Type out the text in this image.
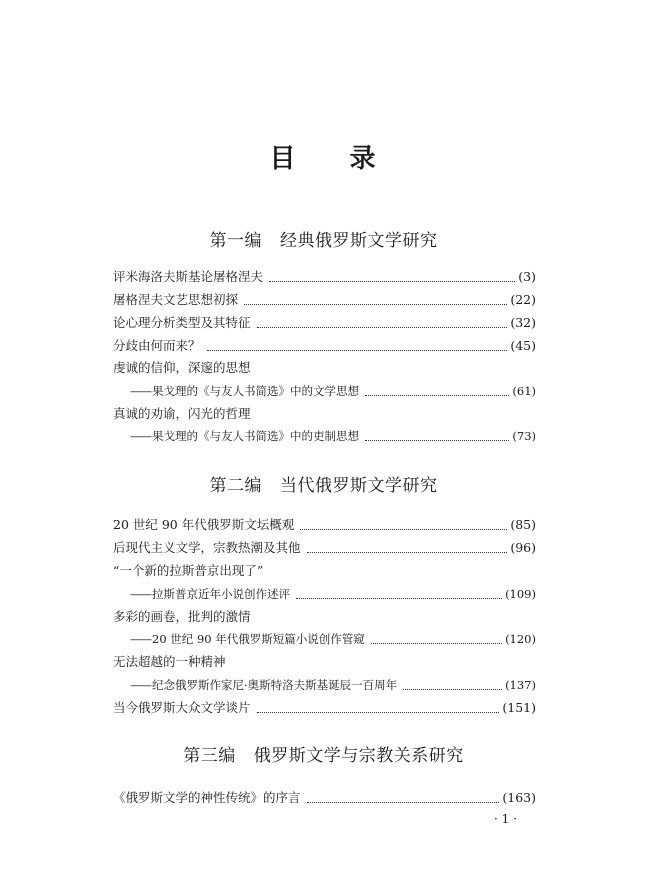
目 录
第一编 经典俄罗斯文学研究
评米海洛夫斯基论屠格涅夫	(3)
屠格涅夫文艺思想初探	(22)
论心理分析类型及其特征	(32)
分歧由何而来？	(45)
虔诚的信仰，深邃的思想
—— 果戈理的《与友人书简选》中的文学思想	(61)
真诚的劝谕，闪光的哲理
—— 果戈理的《与友人书简选》中的吏制思想	(73)
第二编 当代俄罗斯文学研究
20 世纪 90 年代俄罗斯文坛概观	(85)
后现代主义文学，宗教热潮及其他	(96)
“一个新的拉斯普京出现了”
—— 拉斯普京近年小说创作述评	(109)
多彩的画卷，批判的激情
—— 20 世纪 90 年代俄罗斯短篇小说创作管窥	(120)
无法超越的一种精神
—— 纪念俄罗斯作家尼·奥斯特洛夫斯基诞辰一百周年	(137)
当今俄罗斯大众文学谈片	(151)
第三编 俄罗斯文学与宗教关系研究
《俄罗斯文学的神性传统》的序言	(163)
· 1 ·
